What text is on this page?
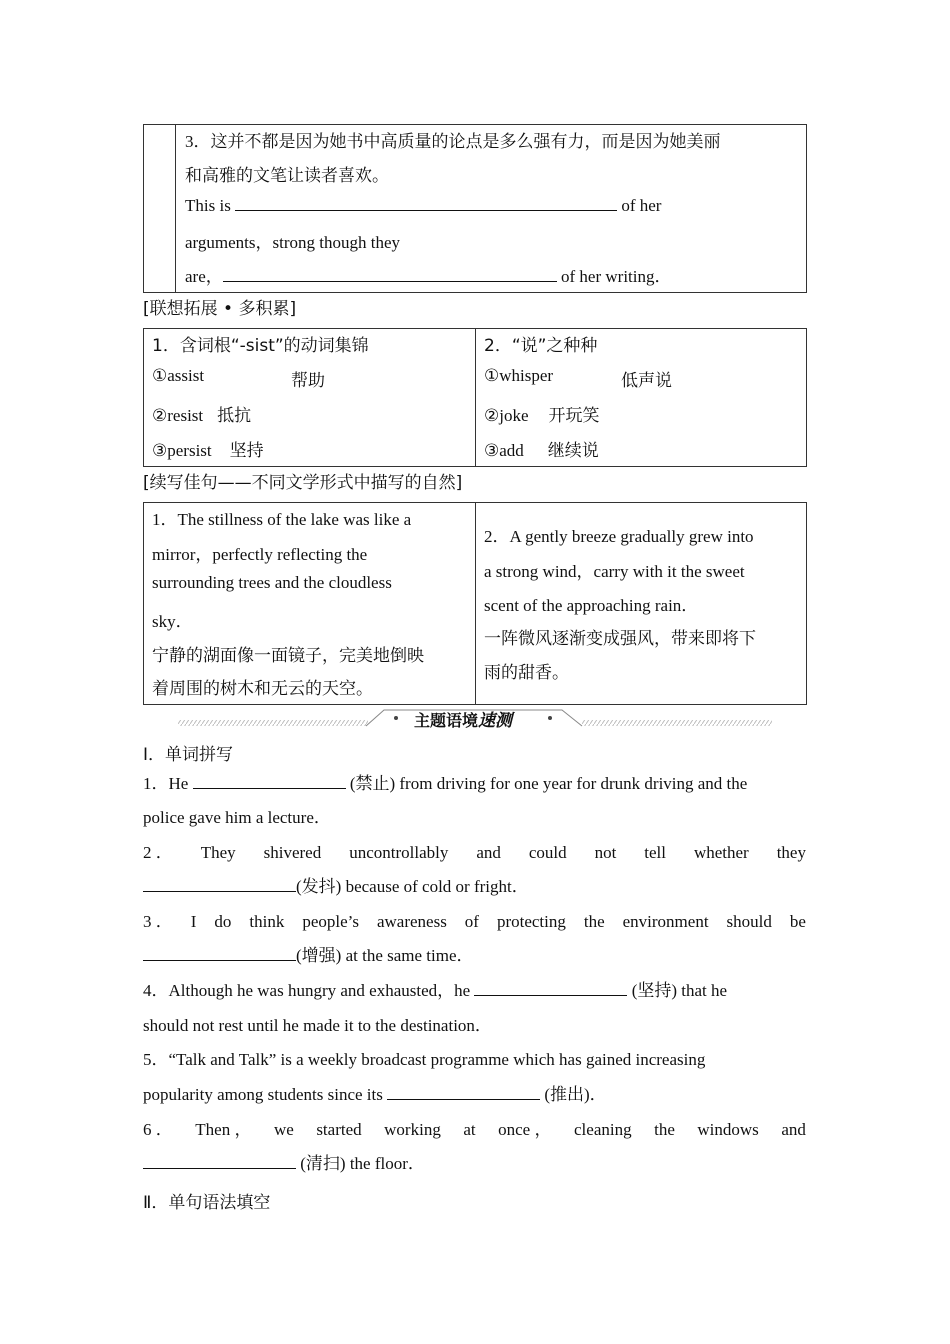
3．这并不都是因为她书中高质量的论点是多么强有力，而是因为她美丽
和高雅的文笔让读者喜欢。
This is	of her
arguments，strong though they
are，	of her writing．
[联想拓展 • 多积累]
1．含词根“-sist”的动词集锦
①assist	帮助
②resist 抵抗
③persist 坚持
2．“说”之种种
①whisper	低声说
②joke 开玩笑
③add 继续说
[续写佳句——不同文学形式中描写的自然]
1．The stillness of the lake was like a
mirror，perfectly reflecting the
surrounding trees and the cloudless
sky．
宁静的湖面像一面镜子，完美地倒映
着周围的树木和无云的天空。
2．A gently breeze gradually grew into
a strong wind，carry with it the sweet
scent of the approaching rain．
一阵微风逐渐变成强风，带来即将下
雨的甜香。
主题语境速测
Ⅰ．单词拼写
1．He	(禁止) from driving for one year for drunk driving and the
police gave him a lecture．
2 ． They shivered uncontrollably and could not tell whether they
(发抖) because of cold or fright．
3 ． I do think people’s awareness of protecting the environment should be
(增强) at the same time．
4．Although he was hungry and exhausted，he	(坚持) that he
should not rest until he made it to the destination．
5．“Talk and Talk” is a weekly broadcast programme which has gained increasing
popularity among students since its	(推出)．
6 ． Then ， we started working at once ， cleaning the windows and
(清扫) the floor．
Ⅱ．单句语法填空
